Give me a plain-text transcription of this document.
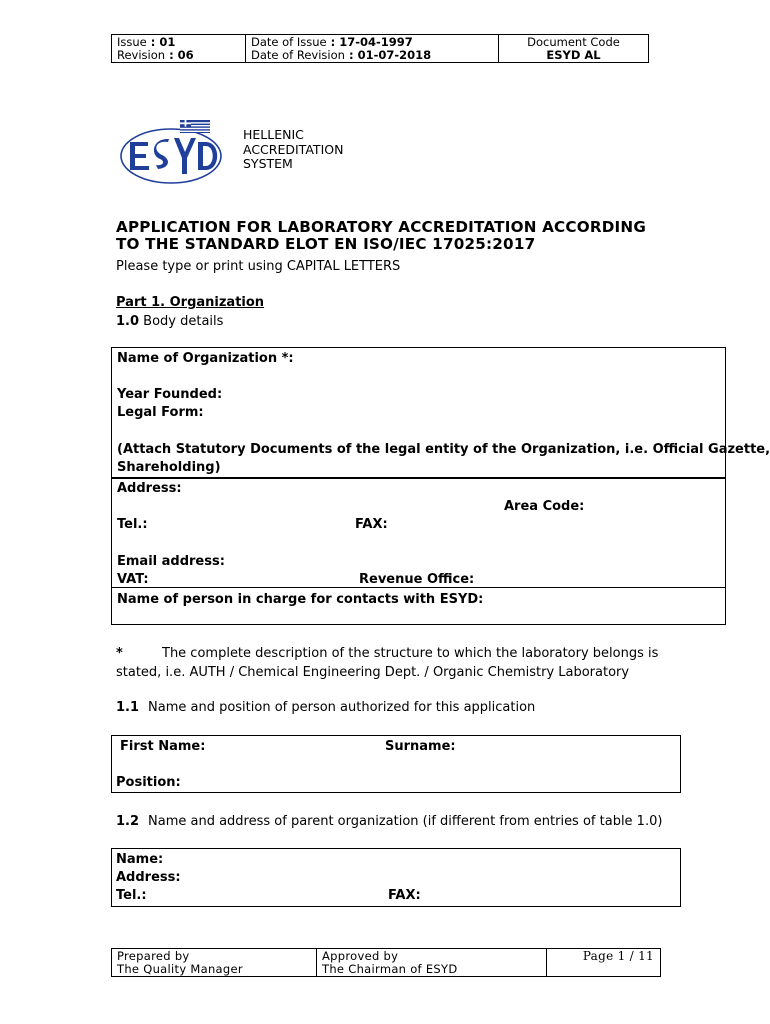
Issue : 01
Revision : 06
Date of Issue : 17-04-1997
Date of Revision : 01-07-2018
Document Code
ESYD AL
HELLENIC
ACCREDITATION
SYSTEM
APPLICATION FOR LABORATORY ACCREDITATION ACCORDING
TO THE STANDARD ELOT EN ISO/IEC 17025:2017
Please type or print using CAPITAL LETTERS
Part 1. Organization
1.0 Body details
Name of Organization *:
Year Founded:
Legal Form:
(Attach Statutory Documents of the legal entity of the Organization, i.e. Official Gazette,
Shareholding)
Address:
Area Code:
Tel.:	FAX:
Email address:
VAT:	Revenue Office:
Name of person in charge for contacts with ESYD:
*	The complete description of the structure to which the laboratory belongs is
stated, i.e. AUTH / Chemical Engineering Dept. / Organic Chemistry Laboratory
1.1 Name and position of person authorized for this application
First Name:	Surname:
Position:
1.2 Name and address of parent organization (if different from entries of table 1.0)
Name:
Address:
Tel.:	FAX:
Prepared by
The Quality Manager
Approved by
The Chairman of ESYD
Page 1 / 11
